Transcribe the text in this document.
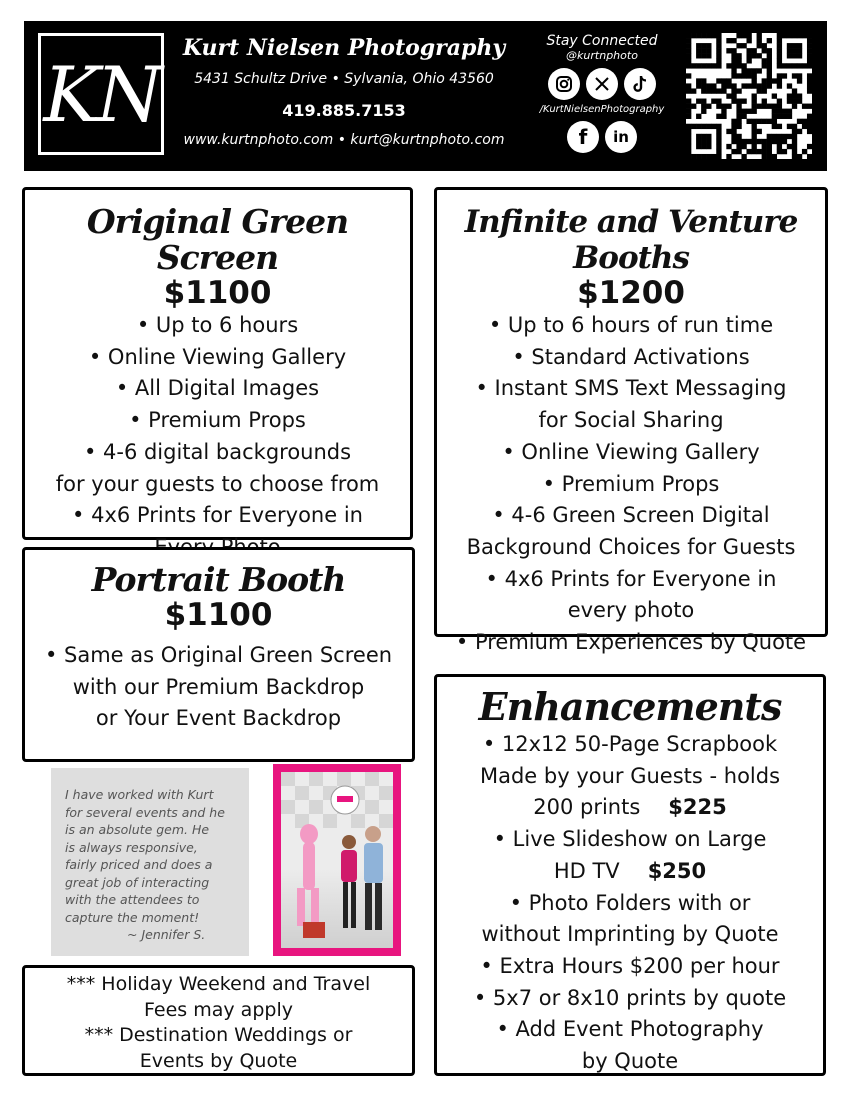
KN
Kurt Nielsen Photography
5431 Schultz Drive • Sylvania, Ohio 43560
419.885.7153
www.kurtnphoto.com • kurt@kurtnphoto.com
Stay Connected
@kurtnphoto
/KurtNielsenPhotography
f	in
Original Green Screen
$1100
• Up to 6 hours
• Online Viewing Gallery
• All Digital Images
• Premium Props
• 4-6 digital backgrounds
for your guests to choose from
• 4x6 Prints for Everyone in
Infinite and Venture Booths
$1200
• Up to 6 hours of run time
• Standard Activations
• Instant SMS Text Messaging
for Social Sharing
• Online Viewing Gallery
• Premium Props
• 4-6 Green Screen Digital
Background Choices for Guests
• 4x6 Prints for Everyone in
every photo
• Premium Experiences by Quote
Portrait Booth
$1100
• Same as Original Green Screen
with our Premium Backdrop
or Your Event Backdrop
I have worked with Kurt
for several events and he
is an absolute gem. He
is always responsive,
fairly priced and does a
great job of interacting
with the attendees to
capture the moment!
~ Jennifer S.
Enhancements
• 12x12 50-Page Scrapbook
Made by your Guests - holds
200 prints $225
• Live Slideshow on Large
HD TV $250
• Photo Folders with or
without Imprinting by Quote
• Extra Hours $200 per hour
• 5x7 or 8x10 prints by quote
• Add Event Photography
by Quote
*** Holiday Weekend and Travel
Fees may apply
*** Destination Weddings or
Events by Quote
